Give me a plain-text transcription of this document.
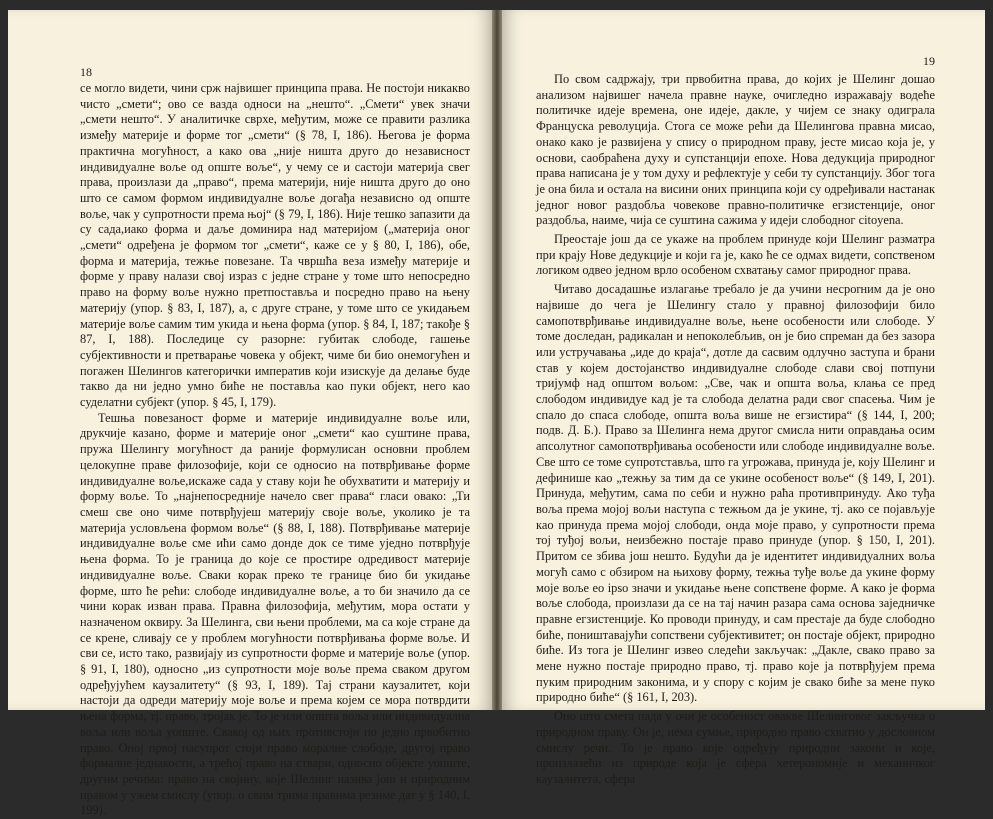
18

се могло видети, чини срж највишег принципа права. Не постоји никакво чисто „смети“; ово се вазда односи на „нешто“. „Смети“ увек значи „смети нешто“. У аналитичке сврхе, међутим, може се правити разлика између материје и форме тог „смети“ (§ 78, I, 186). Његова је форма практична могућност, а како ова „није ништа друго до независност индивидуалне воље од опште воље“, у чему се и састоји материја свег права, произлази да „право“, према материји, није ништа друго до оно што се самом формом индивидуалне воље догађа независно од опште воље, чак у супротности према њој“ (§ 79, I, 186). Није тешко запазити да су сада,иако форма и даље доминира над материјом („материја оног „смети“ одређена је формом тог „смети“, каже се у § 80, I, 186), обе, форма и материја, тежње повезане. Та чвршћа веза између материје и форме у праву налази свој израз с једне стране у томе што непосредно право на форму воље нужно претпоставља и посредно право на њену материју (упор. § 83, I, 187), а, с друге стране, у томе што се укидањем материје воље самим тим укида и њена форма (упор. § 84, I, 187; такође § 87, I, 188). Последице су разорне: губитак слободе, гашење субјективности и претварање човека у објект, чиме би био онемогућен и погажен Шелингов категорички императив који изискује да делање буде такво да ни једно умно биће не поставља као пуки објект, него као суделатни субјект (упор. § 45, I, 179).

Тешња повезаност форме и материје индивидуалне воље или, друкчије казано, форме и материје оног „смети“ као суштине права, пружа Шелингу могућност да раније формулисан основни проблем целокупне праве филозофије, који се односио на потврђивање форме индивидуалне воље,искаже сада у ставу који ће обухватити и материју и форму воље. То „најнепосредније начело свег права“ гласи овако: „Ти смеш све оно чиме потврђујеш материју своје воље, уколико је та материја условљена формом воље“ (§ 88, I, 188). Потврђивање материје индивидуалне воље сме ићи само донде док се тиме уједно потврђује њена форма. То је граница до које се простире одредивост материје индивидуалне воље. Сваки корак преко те границе био би укидање форме, што ће рећи: слободе индивидуалне воље, а то би значило да се чини корак изван права. Правна филозофија, међутим, мора остати у назначеном оквиру. За Шелинга, сви њени проблеми, ма са које стране да се крене, сливају се у проблем могућности потврђивања форме воље. И сви се, исто тако, развијају из супротности форме и материје воље (упор. § 91, I, 180), односно „из супротности моје воље према сваком другом одређујућем каузалитету“ (§ 93, I, 189). Тај страни каузалитет, који настоји да одреди материју моје воље и према којем се мора потврдити њена форма, тј. право, тројак је. То је или општа воља или индивидуална воља или воља уопште. Свакој од њих противстоји по једно првобитно право. Оној првој насупрот стоји право моралне слободе, другој право формалне једнакости, а трећој право на ствари, односно објекте уопште, другим речима: право на својину, које Шелинг назива још и природним правом у ужем смислу (упор. о свим трима правима резиме дат у § 140, I, 199).

19

По свом садржају, три првобитна права, до којих је Шелинг дошао анализом највишег начела правне науке, очигледно изражавају водеће политичке идеје времена, оне идеје, дакле, у чијем се знаку одиграла Француска револуција. Стога се може рећи да Шелингова правна мисао, онако како је развијена у спису о природном праву, јесте мисао која је, у основи, саобраћена духу и супстанцији епохе. Нова дедукција природног права написана је у том духу и рефлектује у себи ту супстанцију. Због тога је она била и остала на висини оних принципа који су одређивали настанак једног новог раздобља човекове правно-политичке егзистенције, оног раздобља, наиме, чија се суштина сажима у идеји слободног citoyena.

Преостаје још да се укаже на проблем принуде који Шелинг разматра при крају Нове дедукције и који га је, како ће се одмах видети, сопственом логиком одвео једном врло особеном схватању самог природног права.

Читаво досадашње излагање требало је да учини несporним да је оно највише до чега је Шелингу стало у правној филозофији било самопотврђивање индивидуалне воље, њене особености или слободе. У томе доследан, радикалан и непоколебљив, он је био спреман да без зазора или устручавања „иде до краја“, дотле да сасвим одлучно заступа и брани став у којем достојанство индивидуалне слободе слави свој потпуни тријумф над општом вољом: „Све, чак и општа воља, клања се пред слободом индивидуе кад је та слобода делатна ради свог спасења. Чим је спало до спаса слободе, општа воља више не егзистира“ (§ 144, I, 200; подв. Д. Б.). Право за Шелинга нема другог смисла нити оправдања осим апсолутног самопотврђивања особености или слободе индивидуалне воље. Све што се томе супротставља, што га угрожава, принуда је, коју Шелинг и дефинише као „тежњу за тим да се укине особеност воље“ (§ 149, I, 201). Принуда, међутим, сама по себи и нужно раћа противпринуду. Ако туђа воља према мојој вољи наступа с тежњом да је укине, тј. ако се појављује као принуда према мојој слободи, онда моје право, у супротности према тој туђој вољи, неизбежно постаје право принуде (упор. § 150, I, 201). Притом се збива још нешто. Будући да је идентитет индивидуалних воља могућ само с обзиром на њихову форму, тежња туђе воље да укине форму моје воље eo ipso значи и укидање њене сопствене форме. А како је форма воље слобода, произлази да се на тај начин разара сама основа заједничке правне егзистенције. Ко проводи принуду, и сам престаје да буде слободно биће, поништавајући сопствени субјективитет; он постаје објект, природно биће. Из тога је Шелинг извео следећи закључак: „Дакле, свако право за мене нужно постаје природно право, тј. право које ја потврђујем према пуким природним законима, и у спору с којим је свако биће за мене пуко природно биће“ (§ 161, I, 203).

Оно што смета пада у очи је особеност овакве Шелинговог закључка о природном праву. Он је, нема сумње, природно право схватио у дословном смислу речи. То је право које одређују природни закони и које, произлазећи из природе која је сфера хетерономије и механичког каузалитета, сфера
